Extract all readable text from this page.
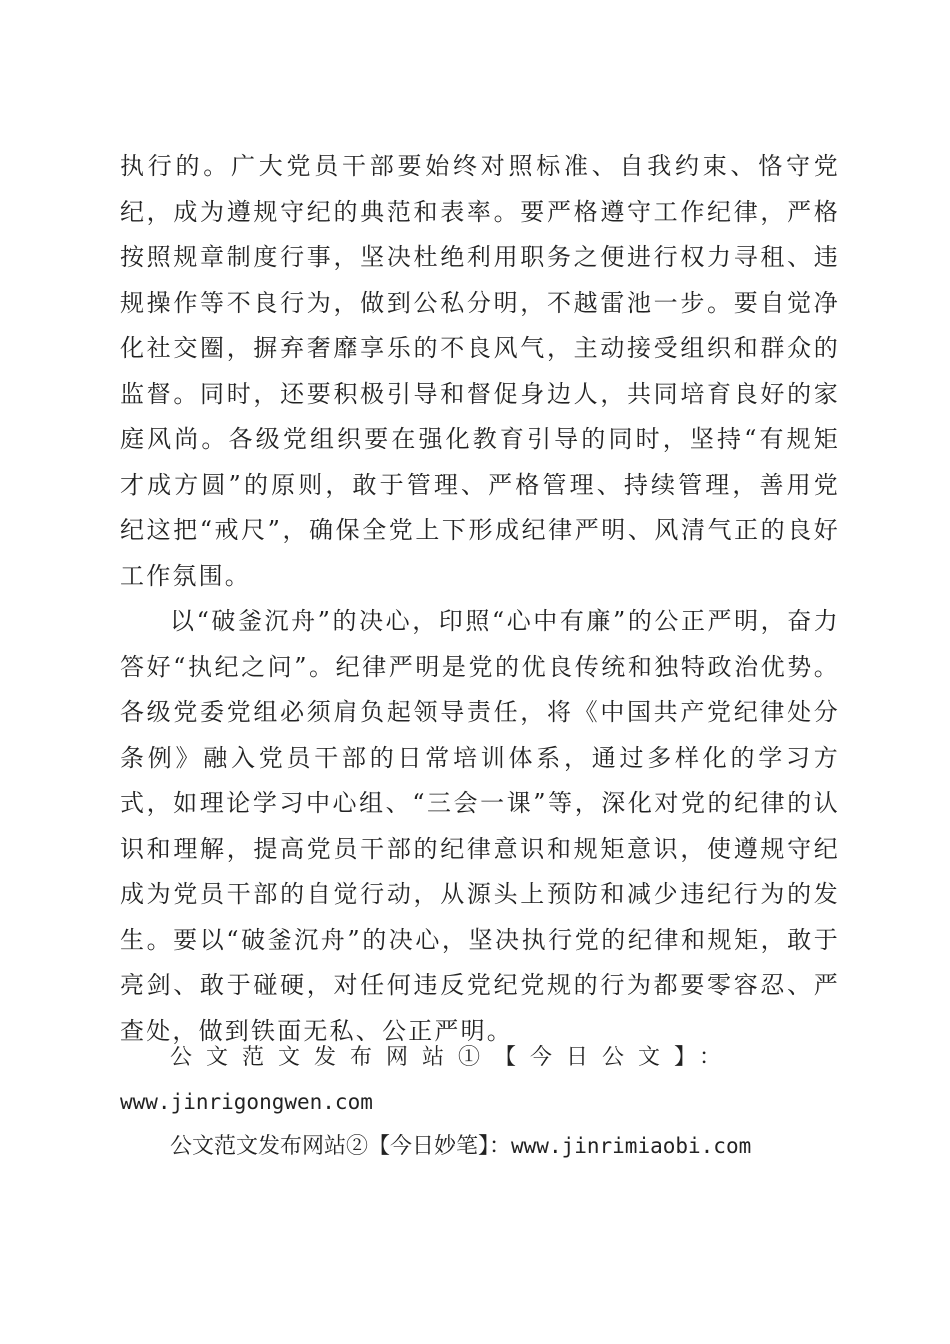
执行的。广大党员干部要始终对照标准、自我约束、恪守党纪，成为遵规守纪的典范和表率。要严格遵守工作纪律，严格按照规章制度行事，坚决杜绝利用职务之便进行权力寻租、违规操作等不良行为，做到公私分明，不越雷池一步。要自觉净化社交圈，摒弃奢靡享乐的不良风气，主动接受组织和群众的监督。同时，还要积极引导和督促身边人，共同培育良好的家庭风尚。各级党组织要在强化教育引导的同时，坚持“有规矩才成方圆”的原则，敢于管理、严格管理、持续管理，善用党纪这把“戒尺”，确保全党上下形成纪律严明、风清气正的良好工作氛围。

以“破釜沉舟”的决心，印照“心中有廉”的公正严明，奋力答好“执纪之问”。纪律严明是党的优良传统和独特政治优势。各级党委党组必须肩负起领导责任，将《中国共产党纪律处分条例》融入党员干部的日常培训体系，通过多样化的学习方式，如理论学习中心组、“三会一课”等，深化对党的纪律的认识和理解，提高党员干部的纪律意识和规矩意识，使遵规守纪成为党员干部的自觉行动，从源头上预防和减少违纪行为的发生。要以“破釜沉舟”的决心，坚决执行党的纪律和规矩，敢于亮剑、敢于碰硬，对任何违反党纪党规的行为都要零容忍、严查处，做到铁面无私、公正严明。

公文范文发布网站①【今日公文】：
www.jinrigongwen.com

公文范文发布网站②【今日妙笔】：www.jinrimiaobi.com
